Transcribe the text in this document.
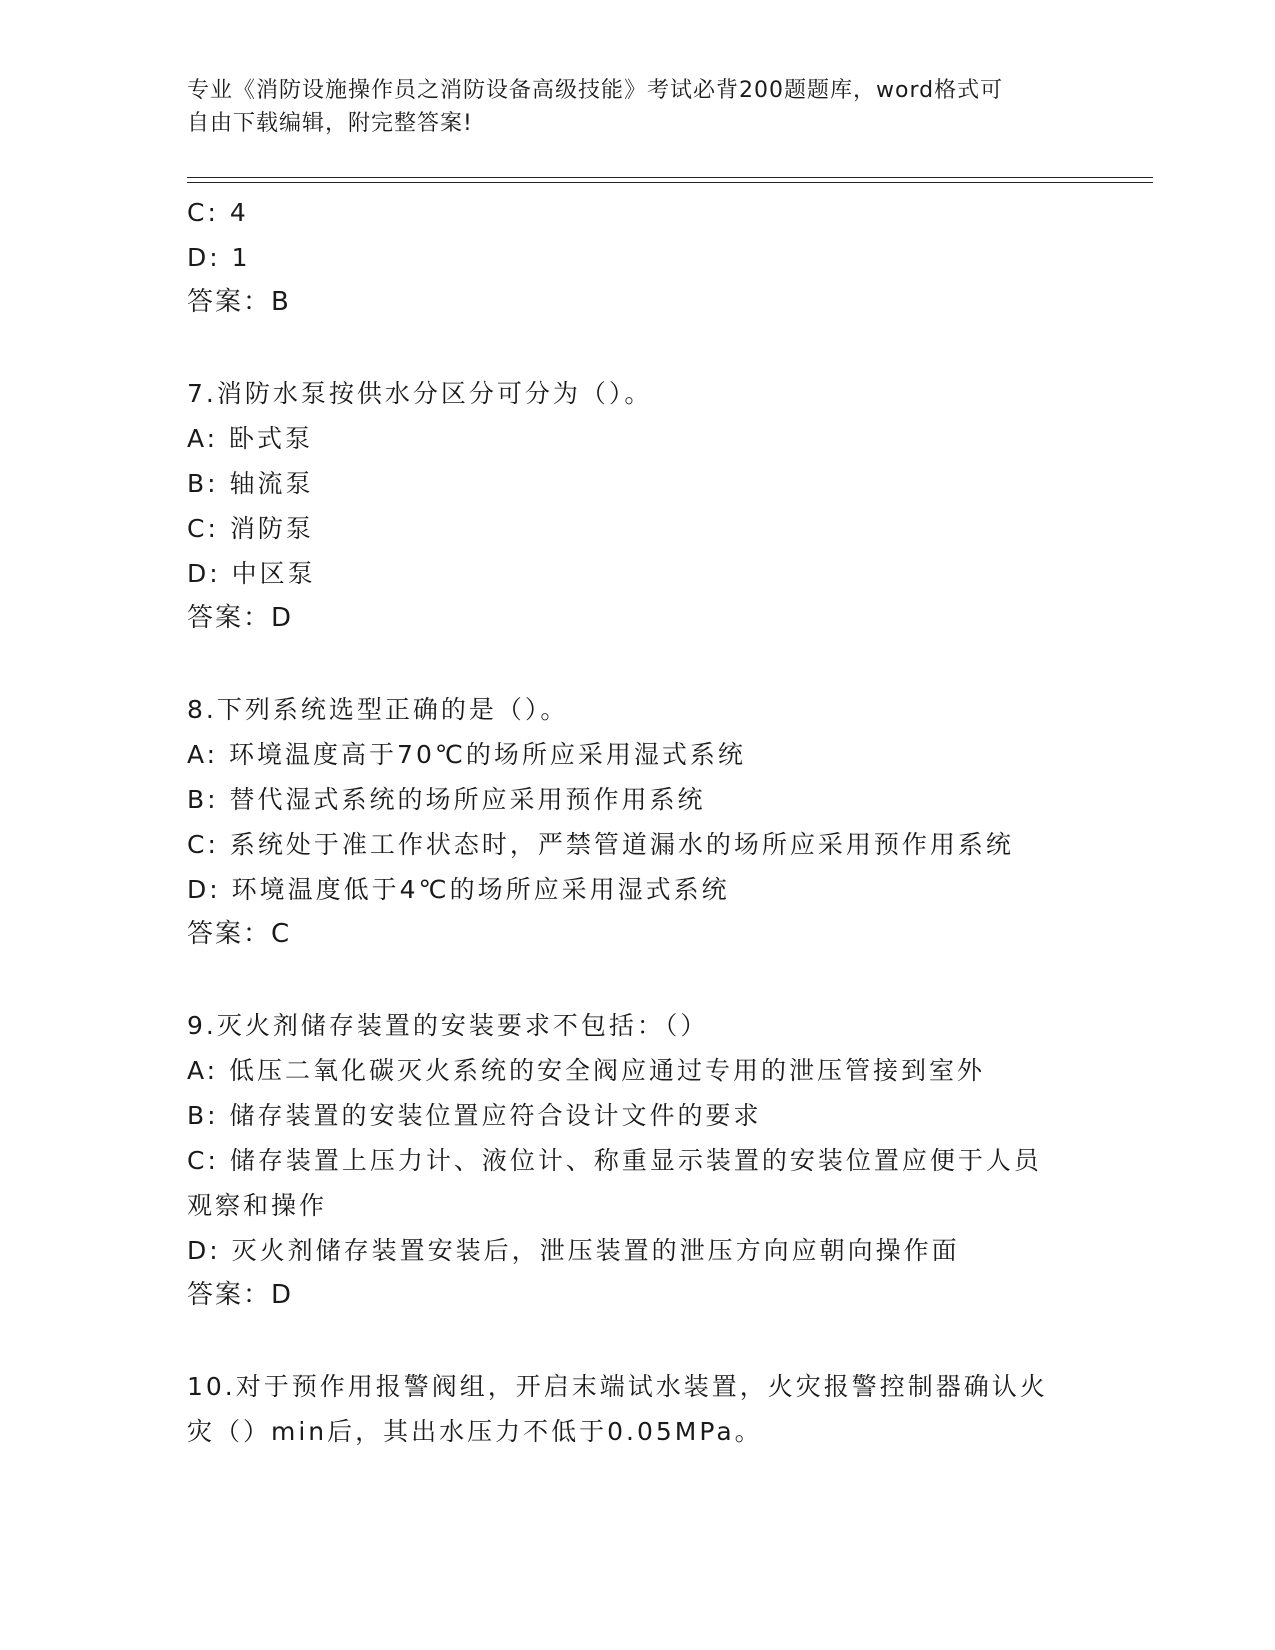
专业《消防设施操作员之消防设备高级技能》考试必背200题题库，word格式可
自由下载编辑，附完整答案!
C: 4
D: 1
答案：B
7.消防水泵按供水分区分可分为（）。
A: 卧式泵
B: 轴流泵
C: 消防泵
D: 中区泵
答案：D
8.下列系统选型正确的是（）。
A: 环境温度高于70℃的场所应采用湿式系统
B: 替代湿式系统的场所应采用预作用系统
C: 系统处于准工作状态时，严禁管道漏水的场所应采用预作用系统
D: 环境温度低于4℃的场所应采用湿式系统
答案：C
9.灭火剂储存装置的安装要求不包括：（）
A: 低压二氧化碳灭火系统的安全阀应通过专用的泄压管接到室外
B: 储存装置的安装位置应符合设计文件的要求
C: 储存装置上压力计、液位计、称重显示装置的安装位置应便于人员
观察和操作
D: 灭火剂储存装置安装后，泄压装置的泄压方向应朝向操作面
答案：D
10.对于预作用报警阀组，开启末端试水装置，火灾报警控制器确认火
灾（）min后，其出水压力不低于0.05MPa。
